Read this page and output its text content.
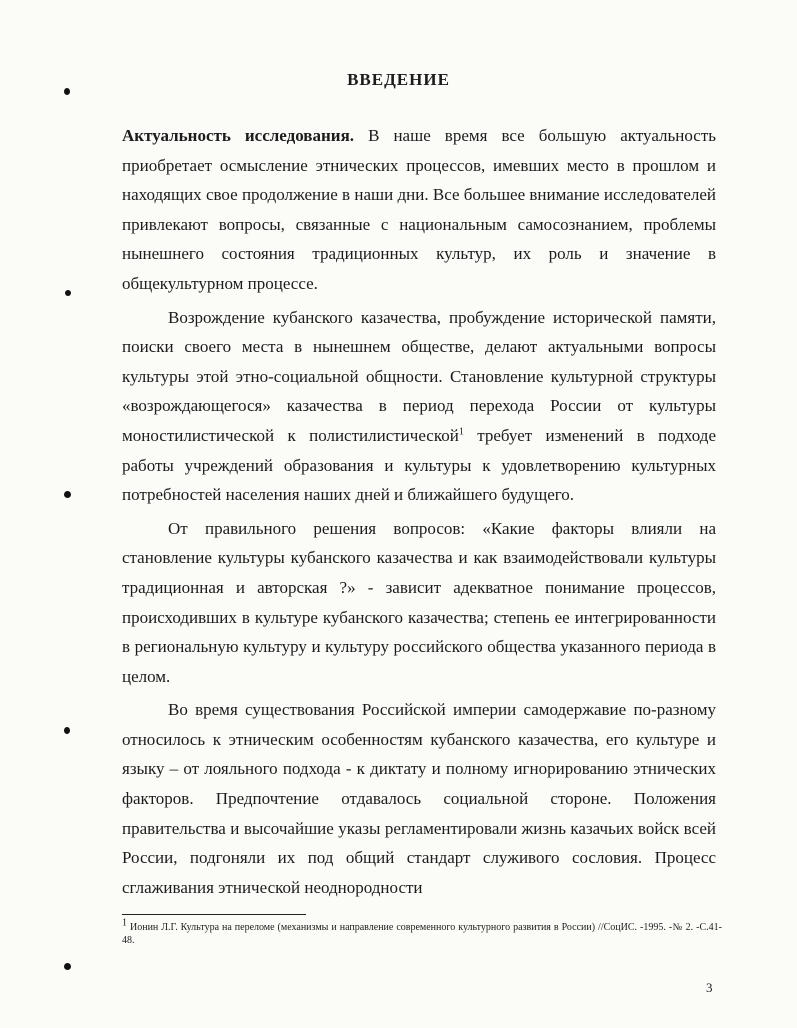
ВВЕДЕНИЕ

Актуальность исследования. В наше время все большую актуальность приобретает осмысление этнических процессов, имевших место в прошлом и находящих свое продолжение в наши дни. Все большее внимание исследователей привлекают вопросы, связанные с национальным самосознанием, проблемы нынешнего состояния традиционных культур, их роль и значение в общекультурном процессе.

Возрождение кубанского казачества, пробуждение исторической памяти, поиски своего места в нынешнем обществе, делают актуальными вопросы культуры этой этно-социальной общности. Становление культурной структуры «возрождающегося» казачества в период перехода России от культуры моностилистической к полистилистической$^1$ требует изменений в подходе работы учреждений образования и культуры к удовлетворению культурных потребностей населения наших дней и ближайшего будущего.

От правильного решения вопросов: «Какие факторы влияли на становление культуры кубанского казачества и как взаимодействовали культуры традиционная и авторская ?» - зависит адекватное понимание процессов, происходивших в культуре кубанского казачества; степень ее интегрированности в региональную культуру и культуру российского общества указанного периода в целом.

Во время существования Российской империи самодержавие по-разному относилось к этническим особенностям кубанского казачества, его культуре и языку – от лояльного подхода - к диктату и полному игнорированию этнических факторов. Предпочтение отдавалось социальной стороне. Положения правительства и высочайшие указы регламентировали жизнь казачьих войск всей России, подгоняли их под общий стандарт служивого сословия. Процесс сглаживания этнической неоднородности

$^1$ Ионин Л.Г. Культура на переломе (механизмы и направление современного культурного развития в России) //СоцИС. -1995. -№ 2. -С.41-48.
3
